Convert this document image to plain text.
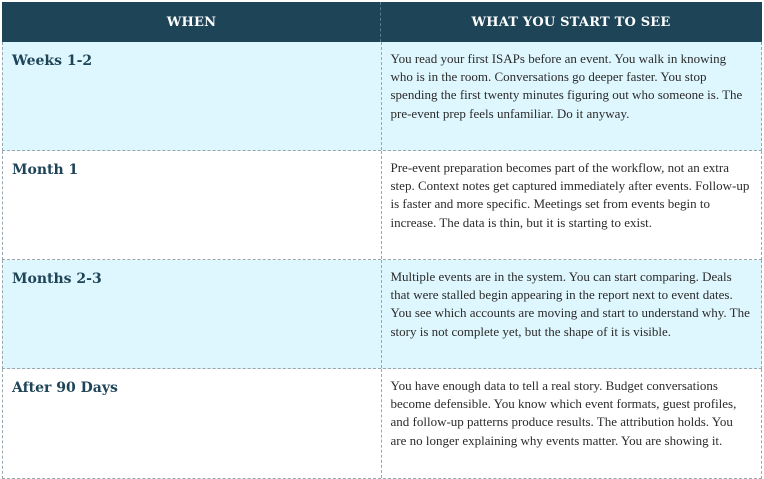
WHEN	WHAT YOU START TO SEE
Weeks 1-2	You read your first ISAPs before an event. You walk in knowing who is in the room. Conversations go deeper faster. You stop spending the first twenty minutes figuring out who someone is. The pre-event prep feels unfamiliar. Do it anyway.
Month 1	Pre-event preparation becomes part of the workflow, not an extra step. Context notes get captured immediately after events. Follow-up is faster and more specific. Meetings set from events begin to increase. The data is thin, but it is starting to exist.
Months 2-3	Multiple events are in the system. You can start comparing. Deals that were stalled begin appearing in the report next to event dates. You see which accounts are moving and start to understand why. The story is not complete yet, but the shape of it is visible.
After 90 Days	You have enough data to tell a real story. Budget conversations become defensible. You know which event formats, guest profiles, and follow-up patterns produce results. The attribution holds. You are no longer explaining why events matter. You are showing it.
